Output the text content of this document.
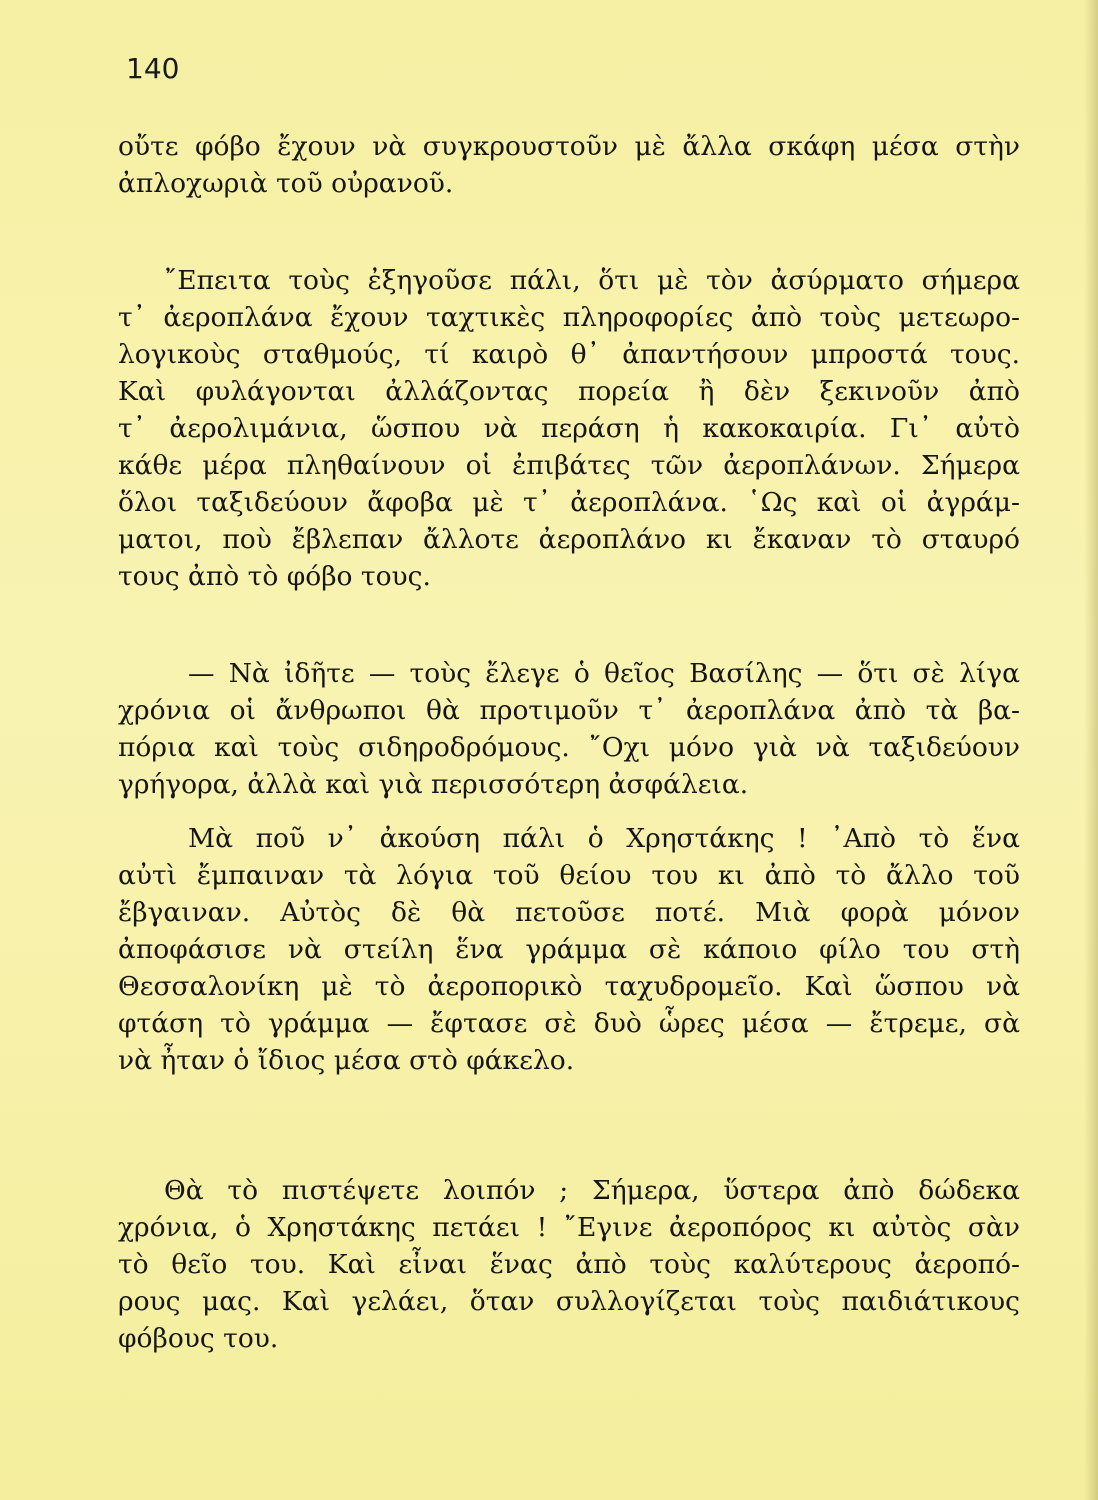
140
οὔτε φόβο ἔχουν νὰ συγκρουστοῦν μὲ ἄλλα σκάφη μέσα στὴν
ἀπλοχωριὰ τοῦ οὐρανοῦ.
῎Επειτα τοὺς ἐξηγοῦσε πάλι, ὅτι μὲ τὸν ἀσύρματο σήμερα
τ᾽ ἀεροπλάνα ἔχουν ταχτικὲς πληροφορίες ἀπὸ τοὺς μετεωρο-
λογικοὺς σταθμούς, τί καιρὸ θ᾽ ἀπαντήσουν μπροστά τους.
Καὶ φυλάγονται ἀλλάζοντας πορεία ἢ δὲν ξεκινοῦν ἀπὸ
τ᾽ ἀερολιμάνια, ὥσπου νὰ περάση ἡ κακοκαιρία. Γι᾽ αὐτὸ
κάθε μέρα πληθαίνουν οἱ ἐπιβάτες τῶν ἀεροπλάνων. Σήμερα
ὅλοι ταξιδεύουν ἄφοβα μὲ τ᾽ ἀεροπλάνα. ῾Ως καὶ οἱ ἀγράμ-
ματοι, ποὺ ἔβλεπαν ἄλλοτε ἀεροπλάνο κι ἔκαναν τὸ σταυρό
τους ἀπὸ τὸ φόβο τους.
— Νὰ ἰδῆτε — τοὺς ἔλεγε ὁ θεῖος Βασίλης — ὅτι σὲ λίγα
χρόνια οἱ ἄνθρωποι θὰ προτιμοῦν τ᾽ ἀεροπλάνα ἀπὸ τὰ βα-
πόρια καὶ τοὺς σιδηροδρόμους. ῎Οχι μόνο γιὰ νὰ ταξιδεύουν
γρήγορα, ἀλλὰ καὶ γιὰ περισσότερη ἀσφάλεια.
Μὰ ποῦ ν᾽ ἀκούση πάλι ὁ Χρηστάκης ! ᾽Απὸ τὸ ἕνα
αὐτὶ ἔμπαιναν τὰ λόγια τοῦ θείου του κι ἀπὸ τὸ ἄλλο τοῦ
ἔβγαιναν. Αὐτὸς δὲ θὰ πετοῦσε ποτέ. Μιὰ φορὰ μόνον
ἀποφάσισε νὰ στείλη ἕνα γράμμα σὲ κάποιο φίλο του στὴ
Θεσσαλονίκη μὲ τὸ ἀεροπορικὸ ταχυδρομεῖο. Καὶ ὥσπου νὰ
φτάση τὸ γράμμα — ἔφτασε σὲ δυὸ ὧρες μέσα — ἔτρεμε, σὰ
νὰ ἦταν ὁ ἴδιος μέσα στὸ φάκελο.
Θὰ τὸ πιστέψετε λοιπόν ; Σήμερα, ὕστερα ἀπὸ δώδεκα
χρόνια, ὁ Χρηστάκης πετάει ! ῎Εγινε ἀεροπόρος κι αὐτὸς σὰν
τὸ θεῖο του. Καὶ εἶναι ἕνας ἀπὸ τοὺς καλύτερους ἀεροπό-
ρους μας. Καὶ γελάει, ὅταν συλλογίζεται τοὺς παιδιάτικους
φόβους του.
